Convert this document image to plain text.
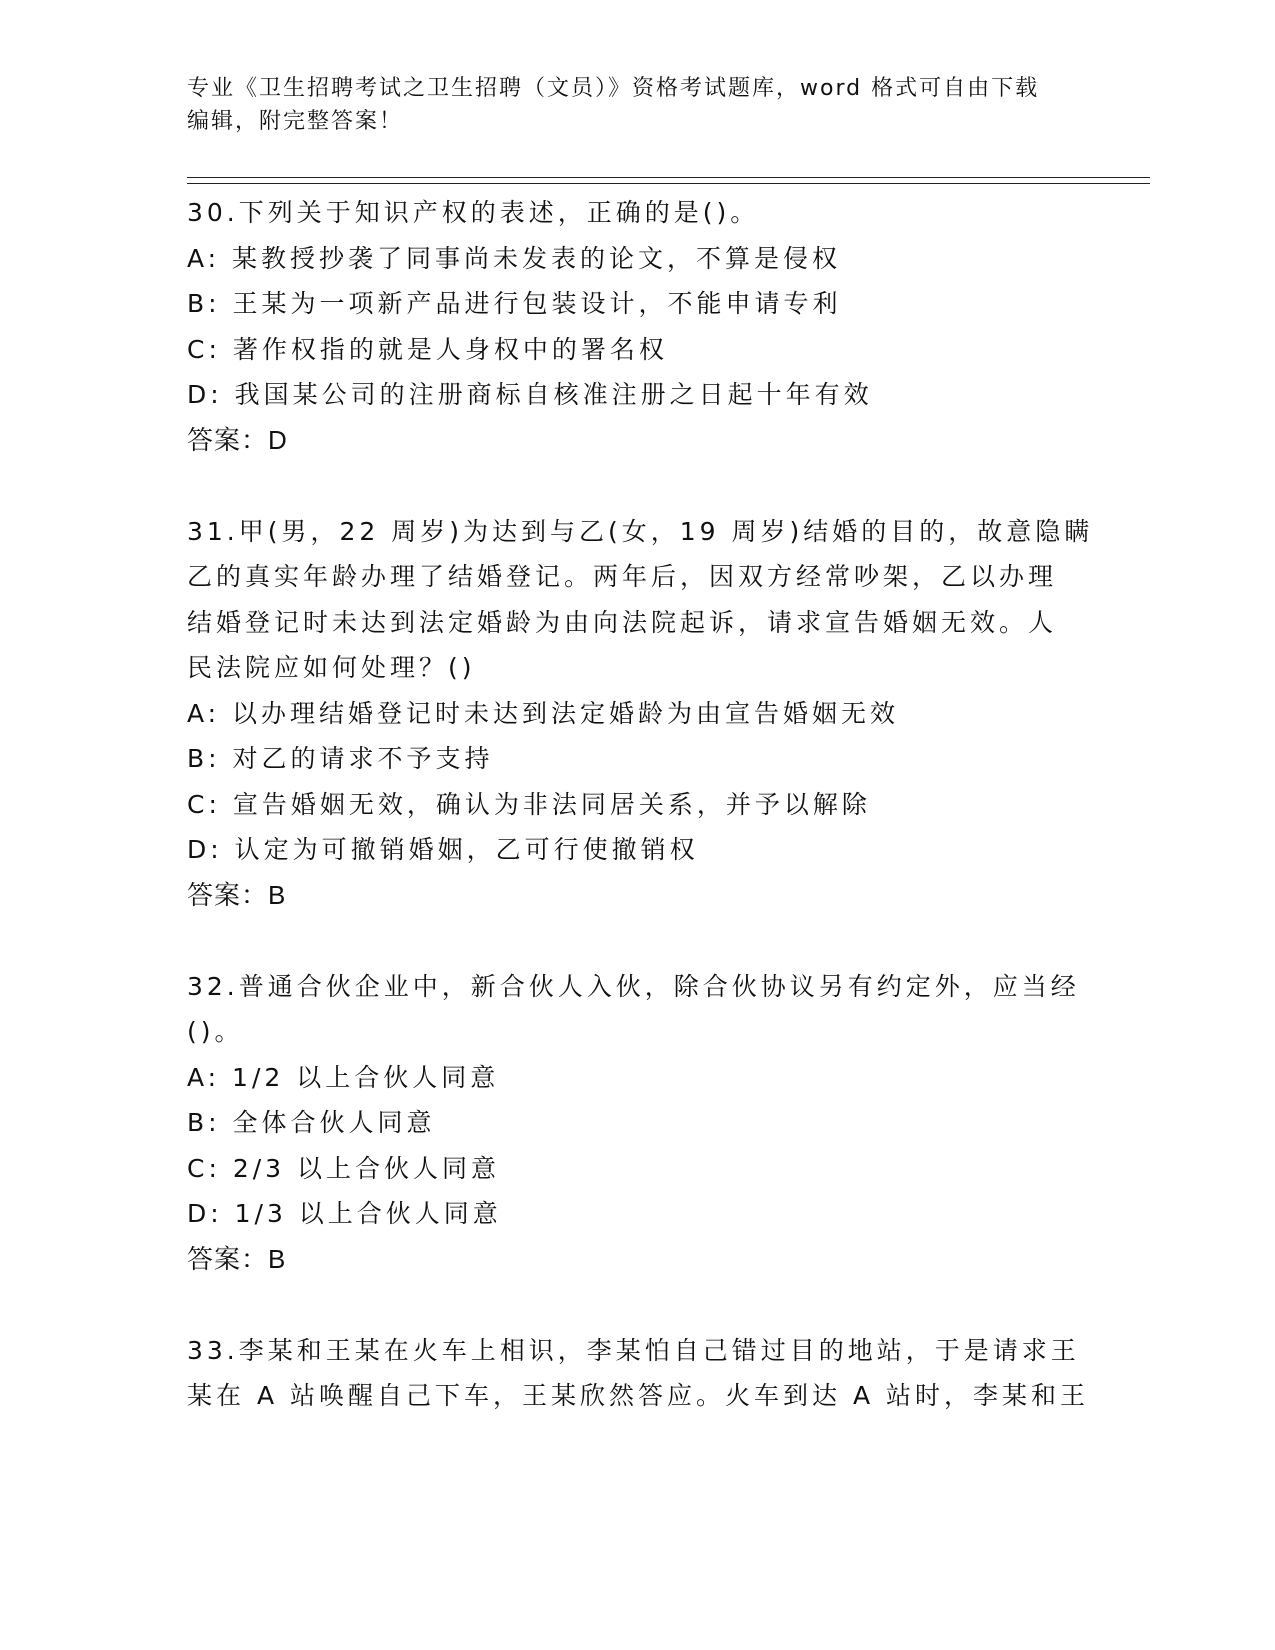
专业《卫生招聘考试之卫生招聘（文员）》资格考试题库，word 格式可自由下载
编辑，附完整答案！
30.下列关于知识产权的表述，正确的是()。
A: 某教授抄袭了同事尚未发表的论文，不算是侵权
B: 王某为一项新产品进行包装设计，不能申请专利
C: 著作权指的就是人身权中的署名权
D: 我国某公司的注册商标自核准注册之日起十年有效
答案：D
31.甲(男，22 周岁)为达到与乙(女，19 周岁)结婚的目的，故意隐瞒
乙的真实年龄办理了结婚登记。两年后，因双方经常吵架，乙以办理
结婚登记时未达到法定婚龄为由向法院起诉，请求宣告婚姻无效。人
民法院应如何处理？()
A: 以办理结婚登记时未达到法定婚龄为由宣告婚姻无效
B: 对乙的请求不予支持
C: 宣告婚姻无效，确认为非法同居关系，并予以解除
D: 认定为可撤销婚姻，乙可行使撤销权
答案：B
32.普通合伙企业中，新合伙人入伙，除合伙协议另有约定外，应当经
()。
A: 1/2 以上合伙人同意
B: 全体合伙人同意
C: 2/3 以上合伙人同意
D: 1/3 以上合伙人同意
答案：B
33.李某和王某在火车上相识，李某怕自己错过目的地站，于是请求王
某在 A 站唤醒自己下车，王某欣然答应。火车到达 A 站时，李某和王
